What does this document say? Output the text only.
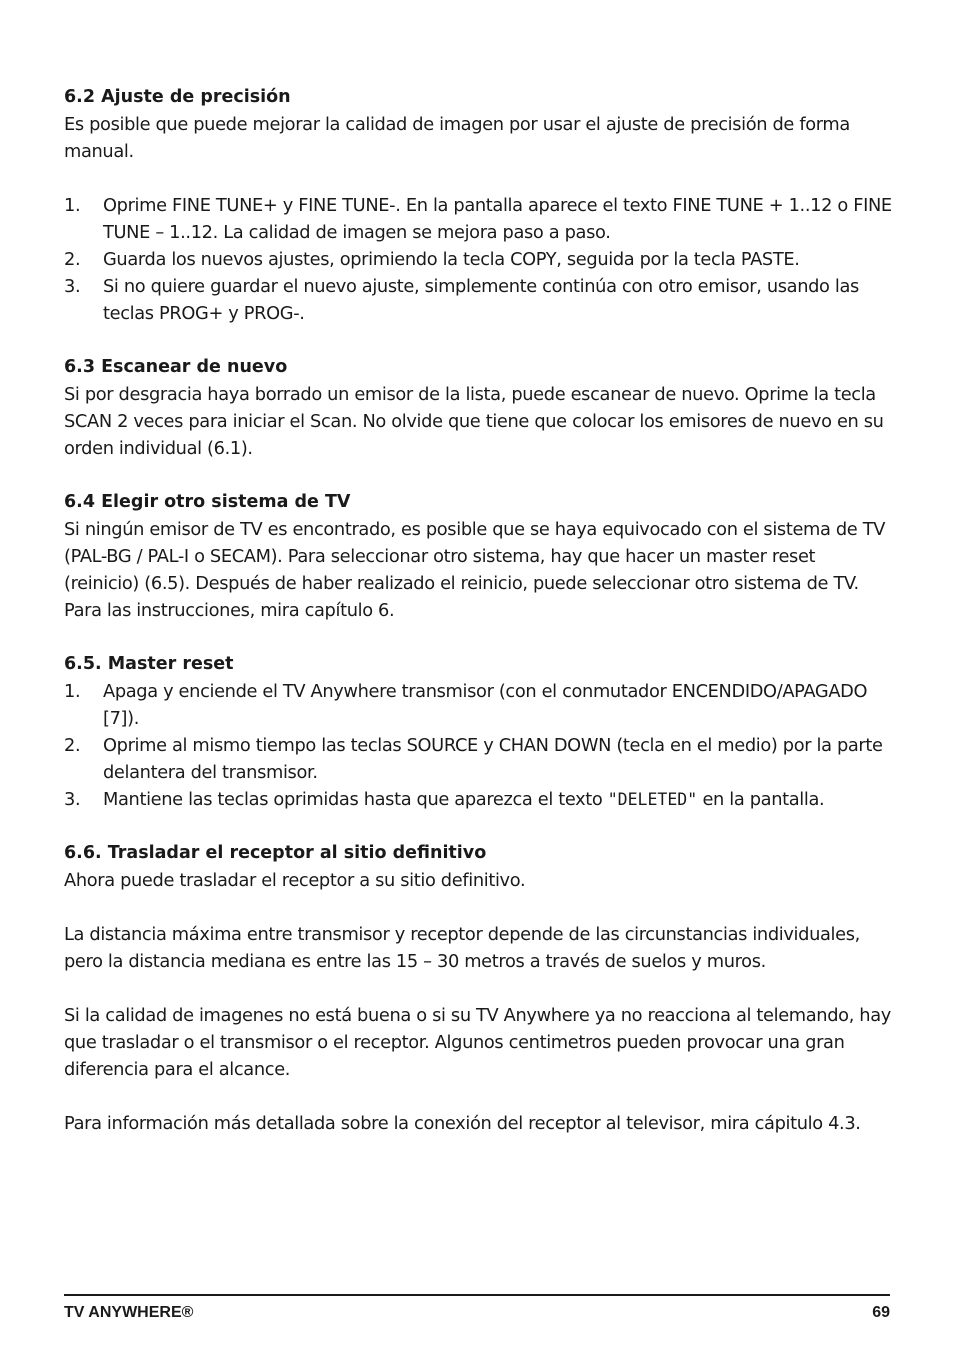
6.2 Ajuste de precisión

Es posible que puede mejorar la calidad de imagen por usar el ajuste de precisión de forma manual.

1. Oprime FINE TUNE+ y FINE TUNE-. En la pantalla aparece el texto FINE TUNE + 1..12 o FINE TUNE – 1..12. La calidad de imagen se mejora paso a paso.
2. Guarda los nuevos ajustes, oprimiendo la tecla COPY, seguida por la tecla PASTE.
3. Si no quiere guardar el nuevo ajuste, simplemente continúa con otro emisor, usando las teclas PROG+ y PROG-.
6.3 Escanear de nuevo

Si por desgracia haya borrado un emisor de la lista, puede escanear de nuevo. Oprime la tecla SCAN 2 veces para iniciar el Scan. No olvide que tiene que colocar los emisores de nuevo en su orden individual (6.1).

6.4 Elegir otro sistema de TV

Si ningún emisor de TV es encontrado, es posible que se haya equivocado con el sistema de TV (PAL-BG / PAL-I o SECAM). Para seleccionar otro sistema, hay que hacer un master reset (reinicio) (6.5). Después de haber realizado el reinicio, puede seleccionar otro sistema de TV. Para las instrucciones, mira capítulo 6.

6.5. Master reset
1. Apaga y enciende el TV Anywhere transmisor (con el conmutador ENCENDIDO/APAGADO [7]).
2. Oprime al mismo tiempo las teclas SOURCE y CHAN DOWN (tecla en el medio) por la parte delantera del transmisor.
3. Mantiene las teclas oprimidas hasta que aparezca el texto "DELETED" en la pantalla.
6.6. Trasladar el receptor al sitio definitivo

Ahora puede trasladar el receptor a su sitio definitivo.

La distancia máxima entre transmisor y receptor depende de las circunstancias individuales, pero la distancia mediana es entre las 15 – 30 metros a través de suelos y muros.

Si la calidad de imagenes no está buena o si su TV Anywhere ya no reacciona al telemando, hay que trasladar o el transmisor o el receptor. Algunos centimetros pueden provocar una gran diferencia para el alcance.

Para información más detallada sobre la conexión del receptor al televisor, mira cápitulo 4.3.

TV ANYWHERE®	69
